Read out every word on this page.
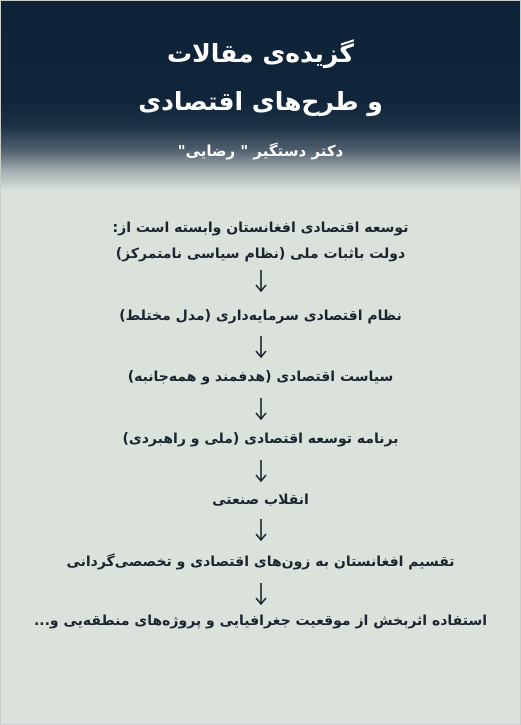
گزیده‌ی مقالات
و طرح‌های اقتصادی
دکتر دستگیر " رضایی"
توسعه اقتصادی افغانستان وابسته است از:
دولت باثبات ملی (نظام سیاسی نامتمرکز)
نظام اقتصادی سرمایه‌داری (مدل مختلط)
سیاست اقتصادی (هدفمند و همه‌جانبه)
برنامه توسعه اقتصادی (ملی و راهبردی)
انقلاب صنعتی
تقسیم افغانستان به زون‌های اقتصادی و تخصصی‌گردانی
استفاده اثربخش از موقعیت جغرافیایی و پروژه‌های منطقه‌یی و...
